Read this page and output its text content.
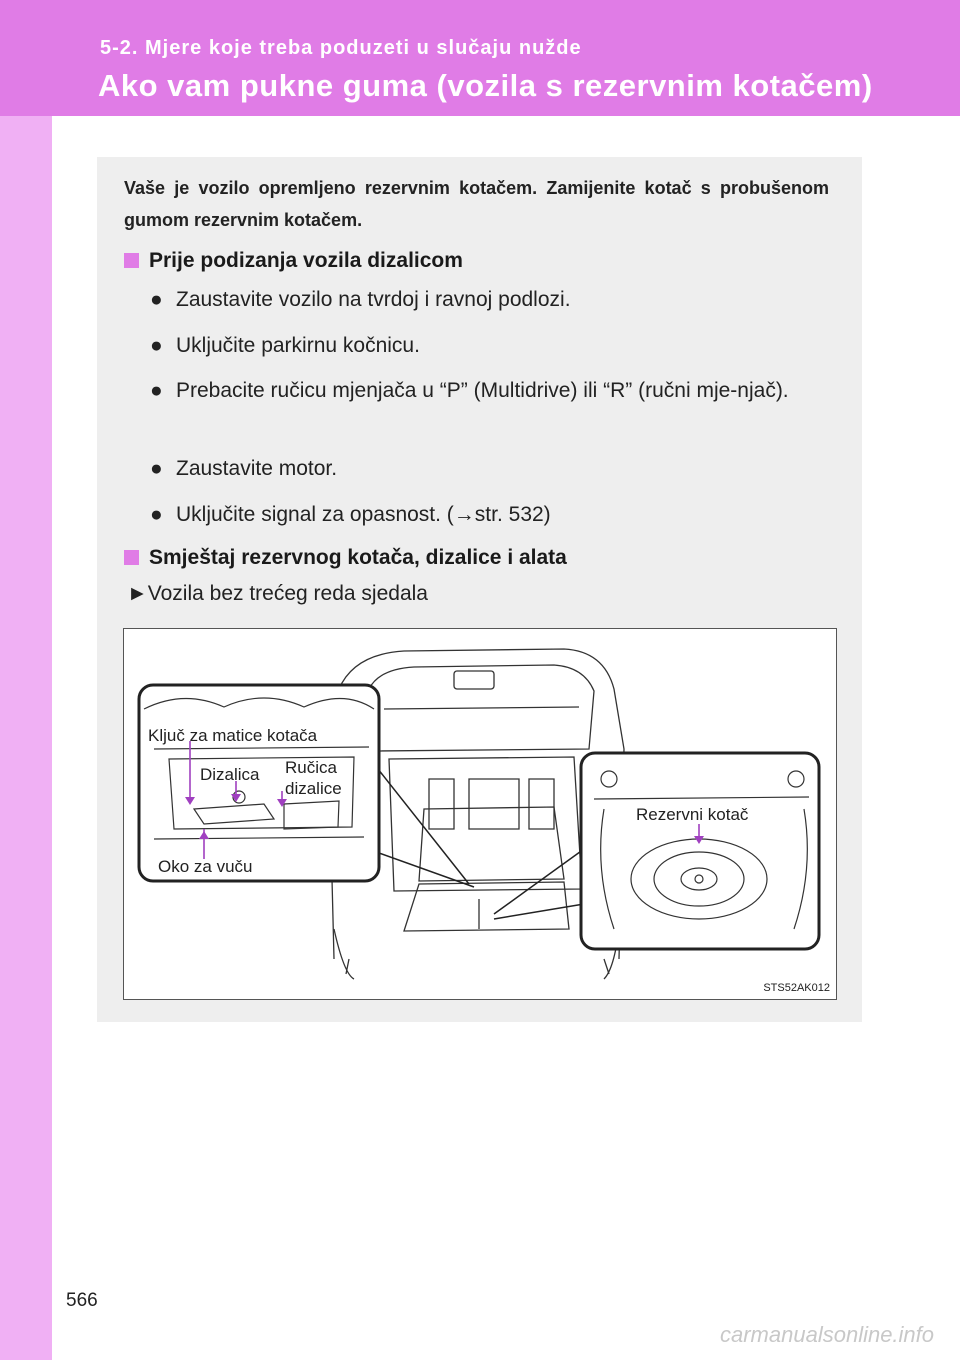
5-2. Mjere koje treba poduzeti u slučaju nužde
Ako vam pukne guma (vozila s rezervnim kotačem)
Vaše je vozilo opremljeno rezervnim kotačem. Zamijenite kotač s probušenom gumom rezervnim kotačem.
Prije podizanja vozila dizalicom
● Zaustavite vozilo na tvrdoj i ravnoj podlozi.
● Uključite parkirnu kočnicu.
● Prebacite ručicu mjenjača u “P” (Multidrive) ili “R” (ručni mje-njač).
● Zaustavite motor.
● Uključite signal za opasnost. (→str. 532)
Smještaj rezervnog kotača, dizalice i alata
►Vozila bez trećeg reda sjedala
Ključ za matice kotača
Dizalica Ručica
dizalice
Oko za vuču
Rezervni kotač
STS52AK012
566
carmanualsonline.info
